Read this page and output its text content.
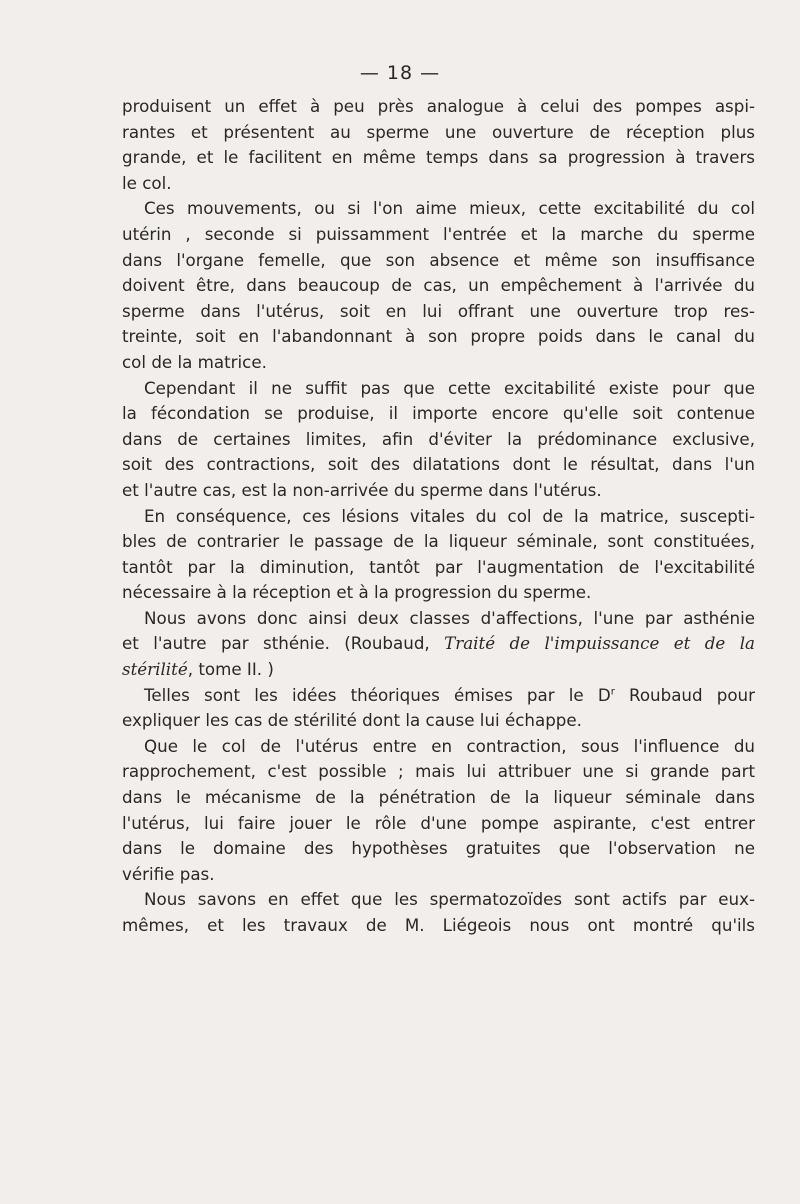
— 18 —
produisent un effet à peu près analogue à celui des pompes aspi-
rantes et présentent au sperme une ouverture de réception plus
grande, et le facilitent en même temps dans sa progression à travers
le col.
Ces mouvements, ou si l'on aime mieux, cette excitabilité du col
utérin , seconde si puissamment l'entrée et la marche du sperme
dans l'organe femelle, que son absence et même son insuffisance
doivent être, dans beaucoup de cas, un empêchement à l'arrivée du
sperme dans l'utérus, soit en lui offrant une ouverture trop res-
treinte, soit en l'abandonnant à son propre poids dans le canal du
col de la matrice.
Cependant il ne suffit pas que cette excitabilité existe pour que
la fécondation se produise, il importe encore qu'elle soit contenue
dans de certaines limites, afin d'éviter la prédominance exclusive,
soit des contractions, soit des dilatations dont le résultat, dans l'un
et l'autre cas, est la non-arrivée du sperme dans l'utérus.
En conséquence, ces lésions vitales du col de la matrice, suscepti-
bles de contrarier le passage de la liqueur séminale, sont constituées,
tantôt par la diminution, tantôt par l'augmentation de l'excitabilité
nécessaire à la réception et à la progression du sperme.
Nous avons donc ainsi deux classes d'affections, l'une par asthénie
et l'autre par sthénie. (Roubaud, Traité de l'impuissance et de la
stérilité, tome II. )
Telles sont les idées théoriques émises par le $D^r$ Roubaud pour
expliquer les cas de stérilité dont la cause lui échappe.
Que le col de l'utérus entre en contraction, sous l'influence du
rapprochement, c'est possible ; mais lui attribuer une si grande part
dans le mécanisme de la pénétration de la liqueur séminale dans
l'utérus, lui faire jouer le rôle d'une pompe aspirante, c'est entrer
dans le domaine des hypothèses gratuites que l'observation ne
vérifie pas.
Nous savons en effet que les spermatozoïdes sont actifs par eux-
mêmes, et les travaux de M. Liégeois nous ont montré qu'ils
